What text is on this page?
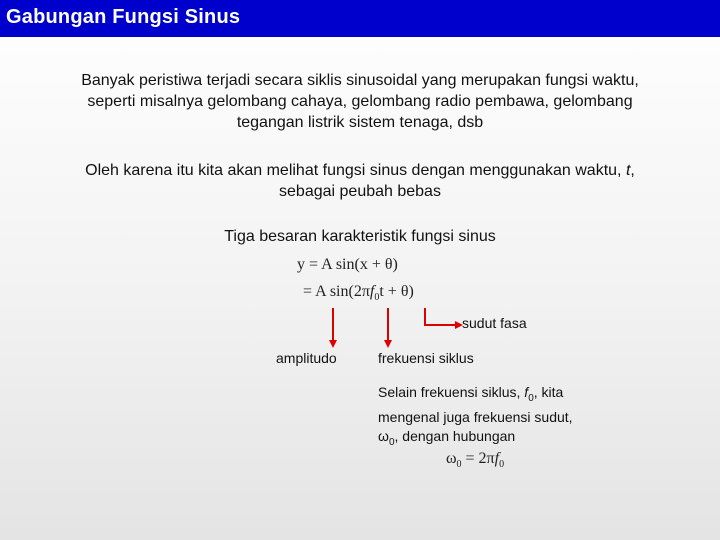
Gabungan Fungsi Sinus
Banyak peristiwa terjadi secara siklis sinusoidal yang merupakan fungsi waktu, seperti misalnya gelombang cahaya, gelombang radio pembawa, gelombang tegangan listrik sistem tenaga, dsb
Oleh karena itu kita akan melihat fungsi sinus dengan menggunakan waktu, t, sebagai peubah bebas
Tiga besaran karakteristik fungsi sinus
y = A sin(x + θ)
= A $\sin(2\pi f_0t + \theta)$
sudut fasa
amplitudo	frekuensi siklus
Selain frekuensi siklus, $f_0$, kita
mengenal juga frekuensi sudut,
$\omega_0$, dengan hubungan
$\omega_0 = 2\pi f_0$
